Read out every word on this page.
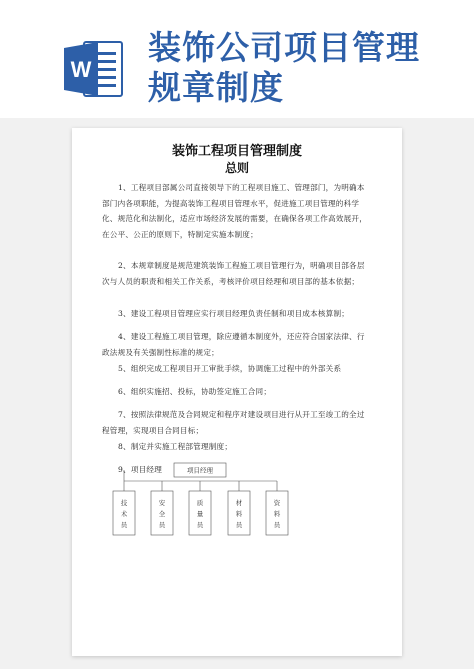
W
装饰公司项目管理规章制度
装饰工程项目管理制度
总则

1、工程项目部属公司直接领导下的工程项目施工、管理部门，为明确本部门内各项职能，为提高装饰工程项目管理水平，促进施工项目管理的科学化、规范化和法制化，适应市场经济发展的需要，在确保各项工作高效展开，在公平、公正的原则下，特制定实施本制度；

2、本规章制度是规范建筑装饰工程施工项目管理行为，明确项目部各层次与人员的职责和相关工作关系，考核评价项目经理和项目部的基本依据；

3、建设工程项目管理应实行项目经理负责任制和项目成本核算制；

4、建设工程施工项目管理，除应遵循本制度外，还应符合国家法律、行政法规及有关强制性标准的规定；

5、组织完成工程项目开工审批手续，协调施工过程中的外部关系

6、组织实施招、投标，协助签定施工合同；

7、按照法律规范及合同规定和程序对建设项目进行从开工至竣工的全过程管理，实现项目合同目标；

8、制定并实施工程部管理制度；

9、项目经理	项目经理
技术员
安全员
质量员
材料员
资料员
